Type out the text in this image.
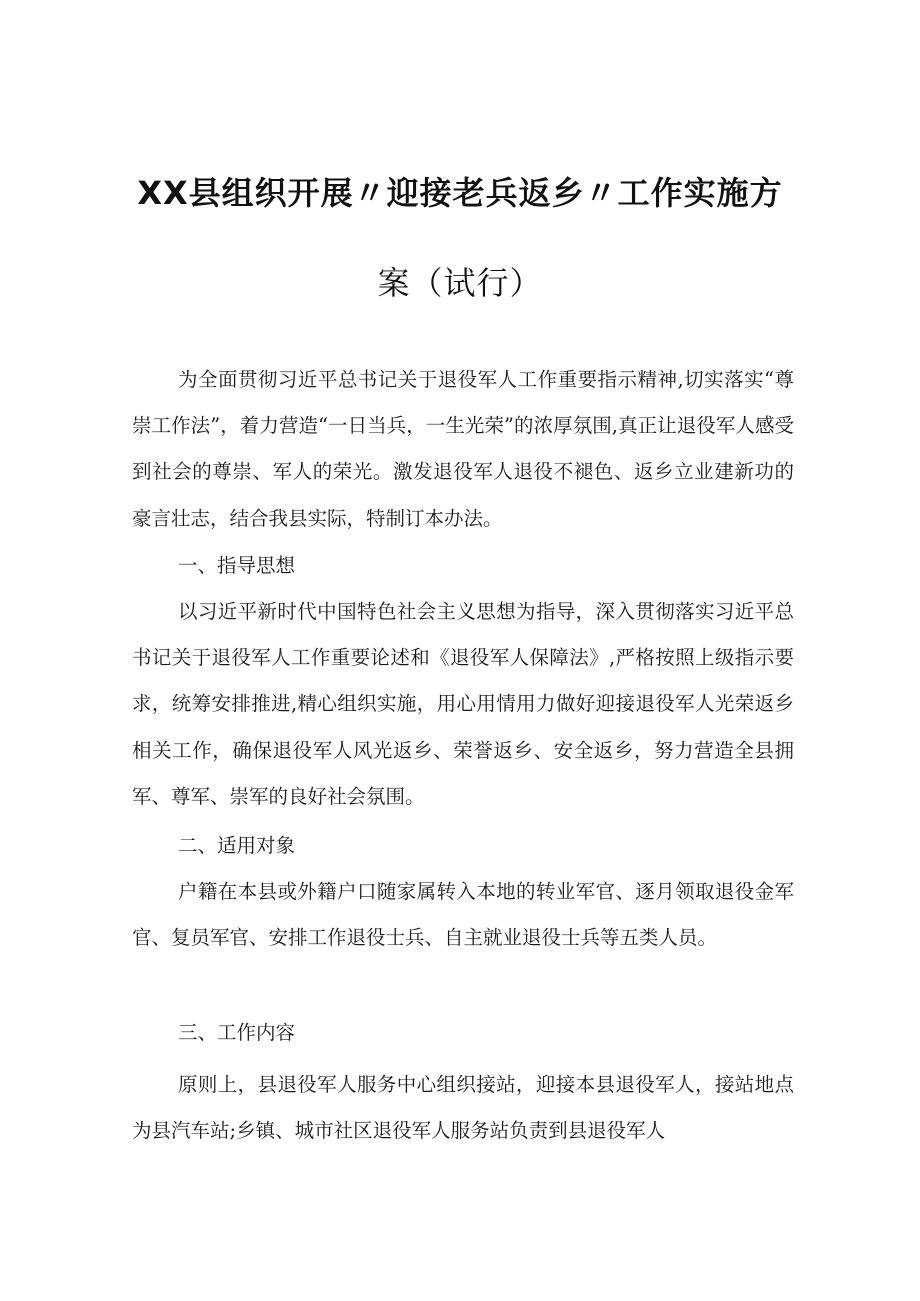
XX县组织开展〃迎接老兵返乡〃工作实施方
案（试行）

为全面贯彻习近平总书记关于退役军人工作重要指示精神,切实落实“尊崇工作法”，着力营造“一日当兵，一生光荣”的浓厚氛围,真正让退役军人感受到社会的尊崇、军人的荣光。激发退役军人退役不褪色、返乡立业建新功的豪言壮志，结合我县实际，特制订本办法。

一、指导思想

以习近平新时代中国特色社会主义思想为指导，深入贯彻落实习近平总书记关于退役军人工作重要论述和《退役军人保障法》,严格按照上级指示要求，统筹安排推进,精心组织实施，用心用情用力做好迎接退役军人光荣返乡相关工作，确保退役军人风光返乡、荣誉返乡、安全返乡，努力营造全县拥军、尊军、崇军的良好社会氛围。

二、适用对象

户籍在本县或外籍户口随家属转入本地的转业军官、逐月领取退役金军官、复员军官、安排工作退役士兵、自主就业退役士兵等五类人员。

三、工作内容

原则上，县退役军人服务中心组织接站，迎接本县退役军人，接站地点为县汽车站;乡镇、城市社区退役军人服务站负责到县退役军人
